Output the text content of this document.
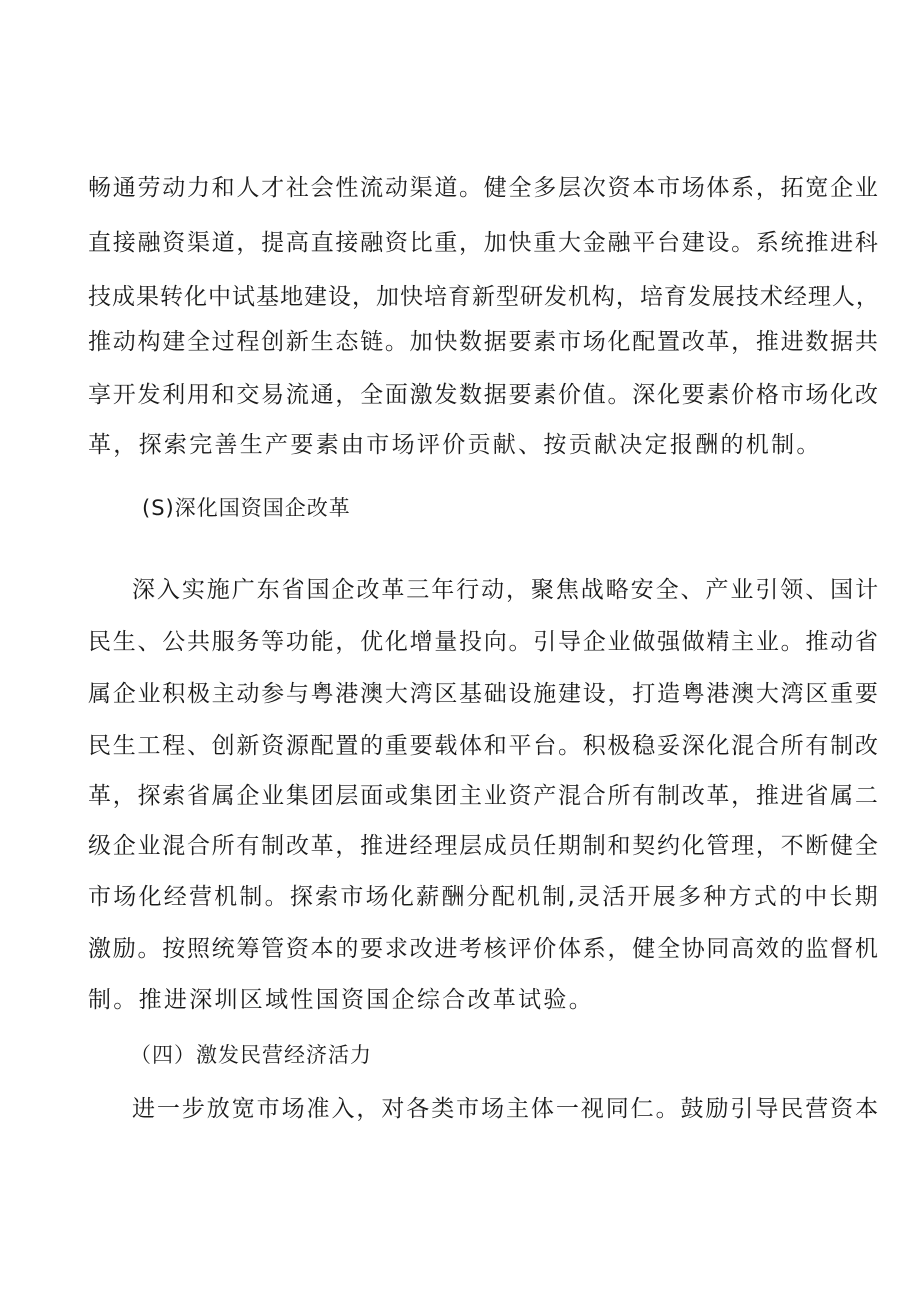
畅通劳动力和人才社会性流动渠道。健全多层次资本市场体系，拓宽企业
直接融资渠道，提高直接融资比重，加快重大金融平台建设。系统推进科
技成果转化中试基地建设，加快培育新型研发机构，培育发展技术经理人，
推动构建全过程创新生态链。加快数据要素市场化配置改革，推进数据共
享开发利用和交易流通，全面激发数据要素价值。深化要素价格市场化改
革，探索完善生产要素由市场评价贡献、按贡献决定报酬的机制。
(S)深化国资国企改革
深入实施广东省国企改革三年行动，聚焦战略安全、产业引领、国计
民生、公共服务等功能，优化增量投向。引导企业做强做精主业。推动省
属企业积极主动参与粤港澳大湾区基础设施建设，打造粤港澳大湾区重要
民生工程、创新资源配置的重要载体和平台。积极稳妥深化混合所有制改
革，探索省属企业集团层面或集团主业资产混合所有制改革，推进省属二
级企业混合所有制改革，推进经理层成员任期制和契约化管理，不断健全
市场化经营机制。探索市场化薪酬分配机制,灵活开展多种方式的中长期
激励。按照统筹管资本的要求改进考核评价体系，健全协同高效的监督机
制。推进深圳区域性国资国企综合改革试验。
（四）激发民营经济活力
进一步放宽市场准入，对各类市场主体一视同仁。鼓励引导民营资本
